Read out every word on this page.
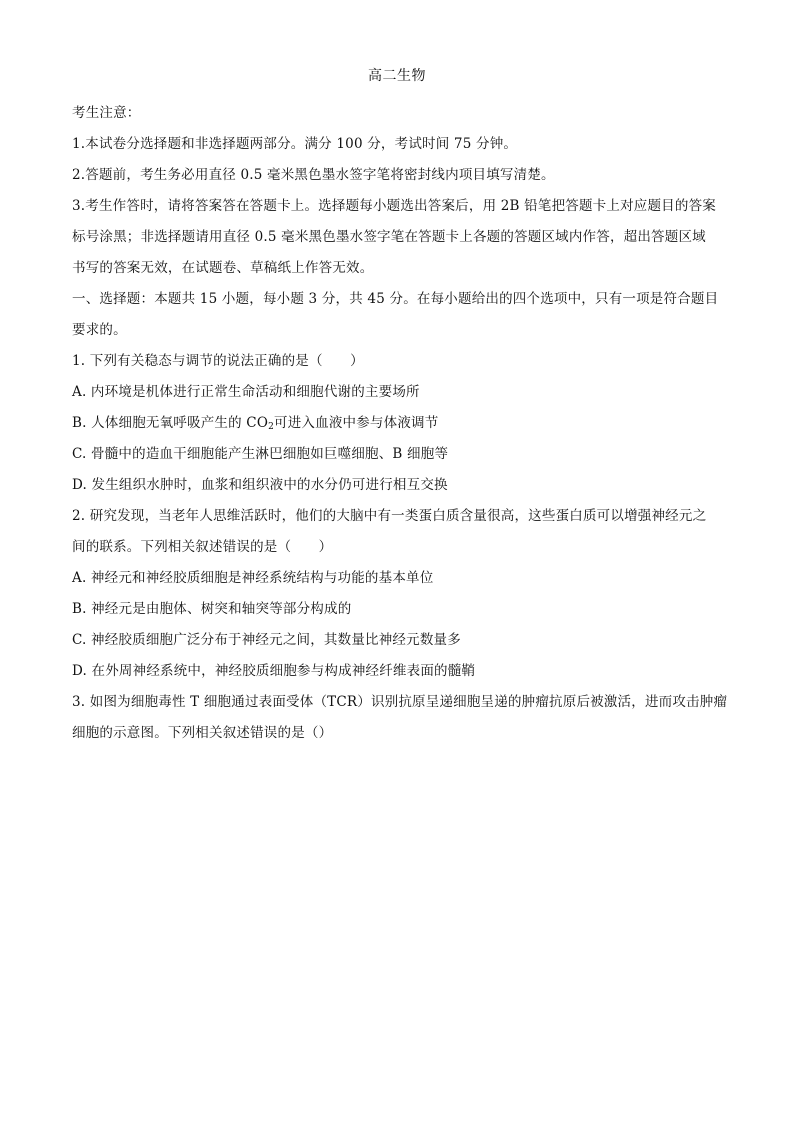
高二生物
考生注意：
1.本试卷分选择题和非选择题两部分。满分 100 分，考试时间 75 分钟。
2.答题前，考生务必用直径 0.5 毫米黑色墨水签字笔将密封线内项目填写清楚。
3.考生作答时，请将答案答在答题卡上。选择题每小题选出答案后，用 2B 铅笔把答题卡上对应题目的答案
标号涂黑；非选择题请用直径 0.5 毫米黑色墨水签字笔在答题卡上各题的答题区域内作答，超出答题区域
书写的答案无效，在试题卷、草稿纸上作答无效。
一、选择题：本题共 15 小题，每小题 3 分，共 45 分。在每小题给出的四个选项中，只有一项是符合题目
要求的。
1. 下列有关稳态与调节的说法正确的是（　　）
A. 内环境是机体进行正常生命活动和细胞代谢的主要场所
B. 人体细胞无氧呼吸产生的 $CO_2$可进入血液中参与体液调节
C. 骨髓中的造血干细胞能产生淋巴细胞如巨噬细胞、B 细胞等
D. 发生组织水肿时，血浆和组织液中的水分仍可进行相互交换
2. 研究发现，当老年人思维活跃时，他们的大脑中有一类蛋白质含量很高，这些蛋白质可以增强神经元之
间的联系。下列相关叙述错误的是（　　）
A. 神经元和神经胶质细胞是神经系统结构与功能的基本单位
B. 神经元是由胞体、树突和轴突等部分构成的
C. 神经胶质细胞广泛分布于神经元之间，其数量比神经元数量多
D. 在外周神经系统中，神经胶质细胞参与构成神经纤维表面的髓鞘
3. 如图为细胞毒性 T 细胞通过表面受体（TCR）识别抗原呈递细胞呈递的肿瘤抗原后被激活，进而攻击肿瘤
细胞的示意图。下列相关叙述错误的是（）
